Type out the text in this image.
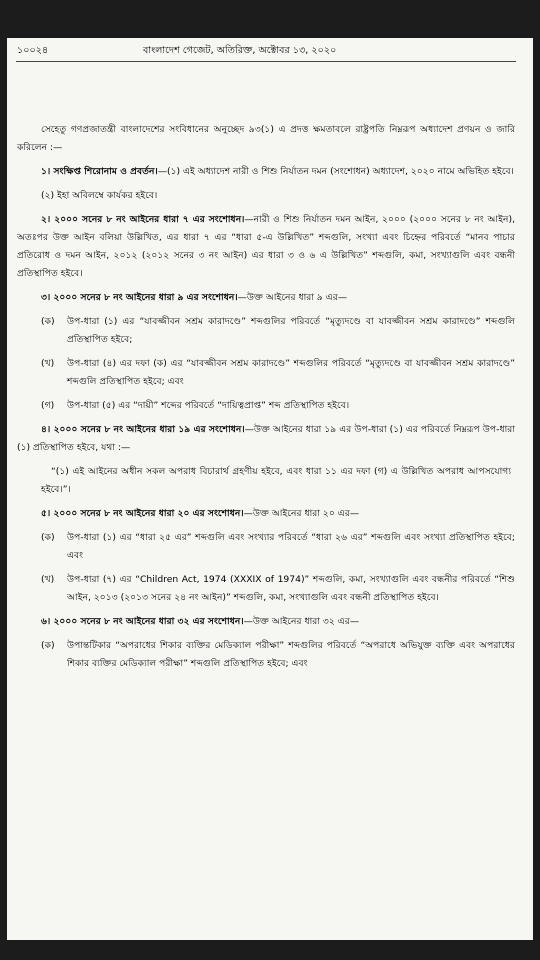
১০০২৪	বাংলাদেশ গেজেট, অতিরিক্ত, অক্টোবর ১৩, ২০২০

সেহেতু গণপ্রজাতন্ত্রী বাংলাদেশের সংবিধানের অনুচ্ছেদ ৯৩(১) এ প্রদত্ত ক্ষমতাবলে রাষ্ট্রপতি নিম্নরূপ অধ্যাদেশ প্রণয়ন ও জারি করিলেন :—

১। সংক্ষিপ্ত শিরোনাম ও প্রবর্তন।—(১) এই অধ্যাদেশ নারী ও শিশু নির্যাতন দমন (সংশোধন) অধ্যাদেশ, ২০২০ নামে অভিহিত হইবে।

(২) ইহা অবিলম্বে কার্যকর হইবে।

২। ২০০০ সনের ৮ নং আইনের ধারা ৭ এর সংশোধন।—নারী ও শিশু নির্যাতন দমন আইন, ২০০০ (২০০০ সনের ৮ নং আইন), অতঃপর উক্ত আইন বলিয়া উল্লিখিত, এর ধারা ৭ এর “ধারা ৫-এ উল্লিখিত” শব্দগুলি, সংখ্যা এবং চিহ্নের পরিবর্তে “মানব পাচার প্রতিরোধ ও দমন আইন, ২০১২ (২০১২ সনের ৩ নং আইন) এর ধারা ৩ ও ৬ এ উল্লিখিত” শব্দগুলি, কমা, সংখ্যাগুলি এবং বন্ধনী প্রতিস্থাপিত হইবে।

৩। ২০০০ সনের ৮ নং আইনের ধারা ৯ এর সংশোধন।—উক্ত আইনের ধারা ৯ এর—

(ক)	উপ-ধারা (১) এর “যাবজ্জীবন সশ্রম কারাদণ্ডে” শব্দগুলির পরিবর্তে “মৃত্যুদণ্ডে বা যাবজ্জীবন সশ্রম কারাদণ্ডে” শব্দগুলি প্রতিস্থাপিত হইবে;
(খ)	উপ-ধারা (৪) এর দফা (ক) এর “যাবজ্জীবন সশ্রম কারাদণ্ডে” শব্দগুলির পরিবর্তে “মৃত্যুদণ্ডে বা যাবজ্জীবন সশ্রম কারাদণ্ডে” শব্দগুলি প্রতিস্থাপিত হইবে; এবং
(গ)	উপ-ধারা (৫) এর “দায়ী” শব্দের পরিবর্তে “দায়িত্বপ্রাপ্ত” শব্দ প্রতিস্থাপিত হইবে।

৪। ২০০০ সনের ৮ নং আইনের ধারা ১৯ এর সংশোধন।—উক্ত আইনের ধারা ১৯ এর উপ-ধারা (১) এর পরিবর্তে নিম্নরূপ উপ-ধারা (১) প্রতিস্থাপিত হইবে, যথা :—

“(১) এই আইনের অধীন সকল অপরাধ বিচারার্থ গ্রহণীয় হইবে, এবং ধারা ১১ এর দফা (গ) এ উল্লিখিত অপরাধ আপসযোগ্য হইবে।”।

৫। ২০০০ সনের ৮ নং আইনের ধারা ২০ এর সংশোধন।—উক্ত আইনের ধারা ২০ এর—

(ক)	উপ-ধারা (১) এর “ধারা ২৫ এর” শব্দগুলি এবং সংখ্যার পরিবর্তে “ধারা ২৬ এর” শব্দগুলি এবং সংখ্যা প্রতিস্থাপিত হইবে; এবং
(খ)	উপ-ধারা (৭) এর “Children Act, 1974 (XXXIX of 1974)” শব্দগুলি, কমা, সংখ্যাগুলি এবং বন্ধনীর পরিবর্তে “শিশু আইন, ২০১৩ (২০১৩ সনের ২৪ নং আইন)” শব্দগুলি, কমা, সংখ্যাগুলি এবং বন্ধনী প্রতিস্থাপিত হইবে।

৬। ২০০০ সনের ৮ নং আইনের ধারা ৩২ এর সংশোধন।—উক্ত আইনের ধারা ৩২ এর—

(ক)	উপান্তটিকার “অপরাধের শিকার ব্যক্তির মেডিক্যাল পরীক্ষা” শব্দগুলির পরিবর্তে “অপরাধে অভিযুক্ত ব্যক্তি এবং অপরাধের শিকার ব্যক্তির মেডিক্যাল পরীক্ষা” শব্দগুলি প্রতিস্থাপিত হইবে; এবং
